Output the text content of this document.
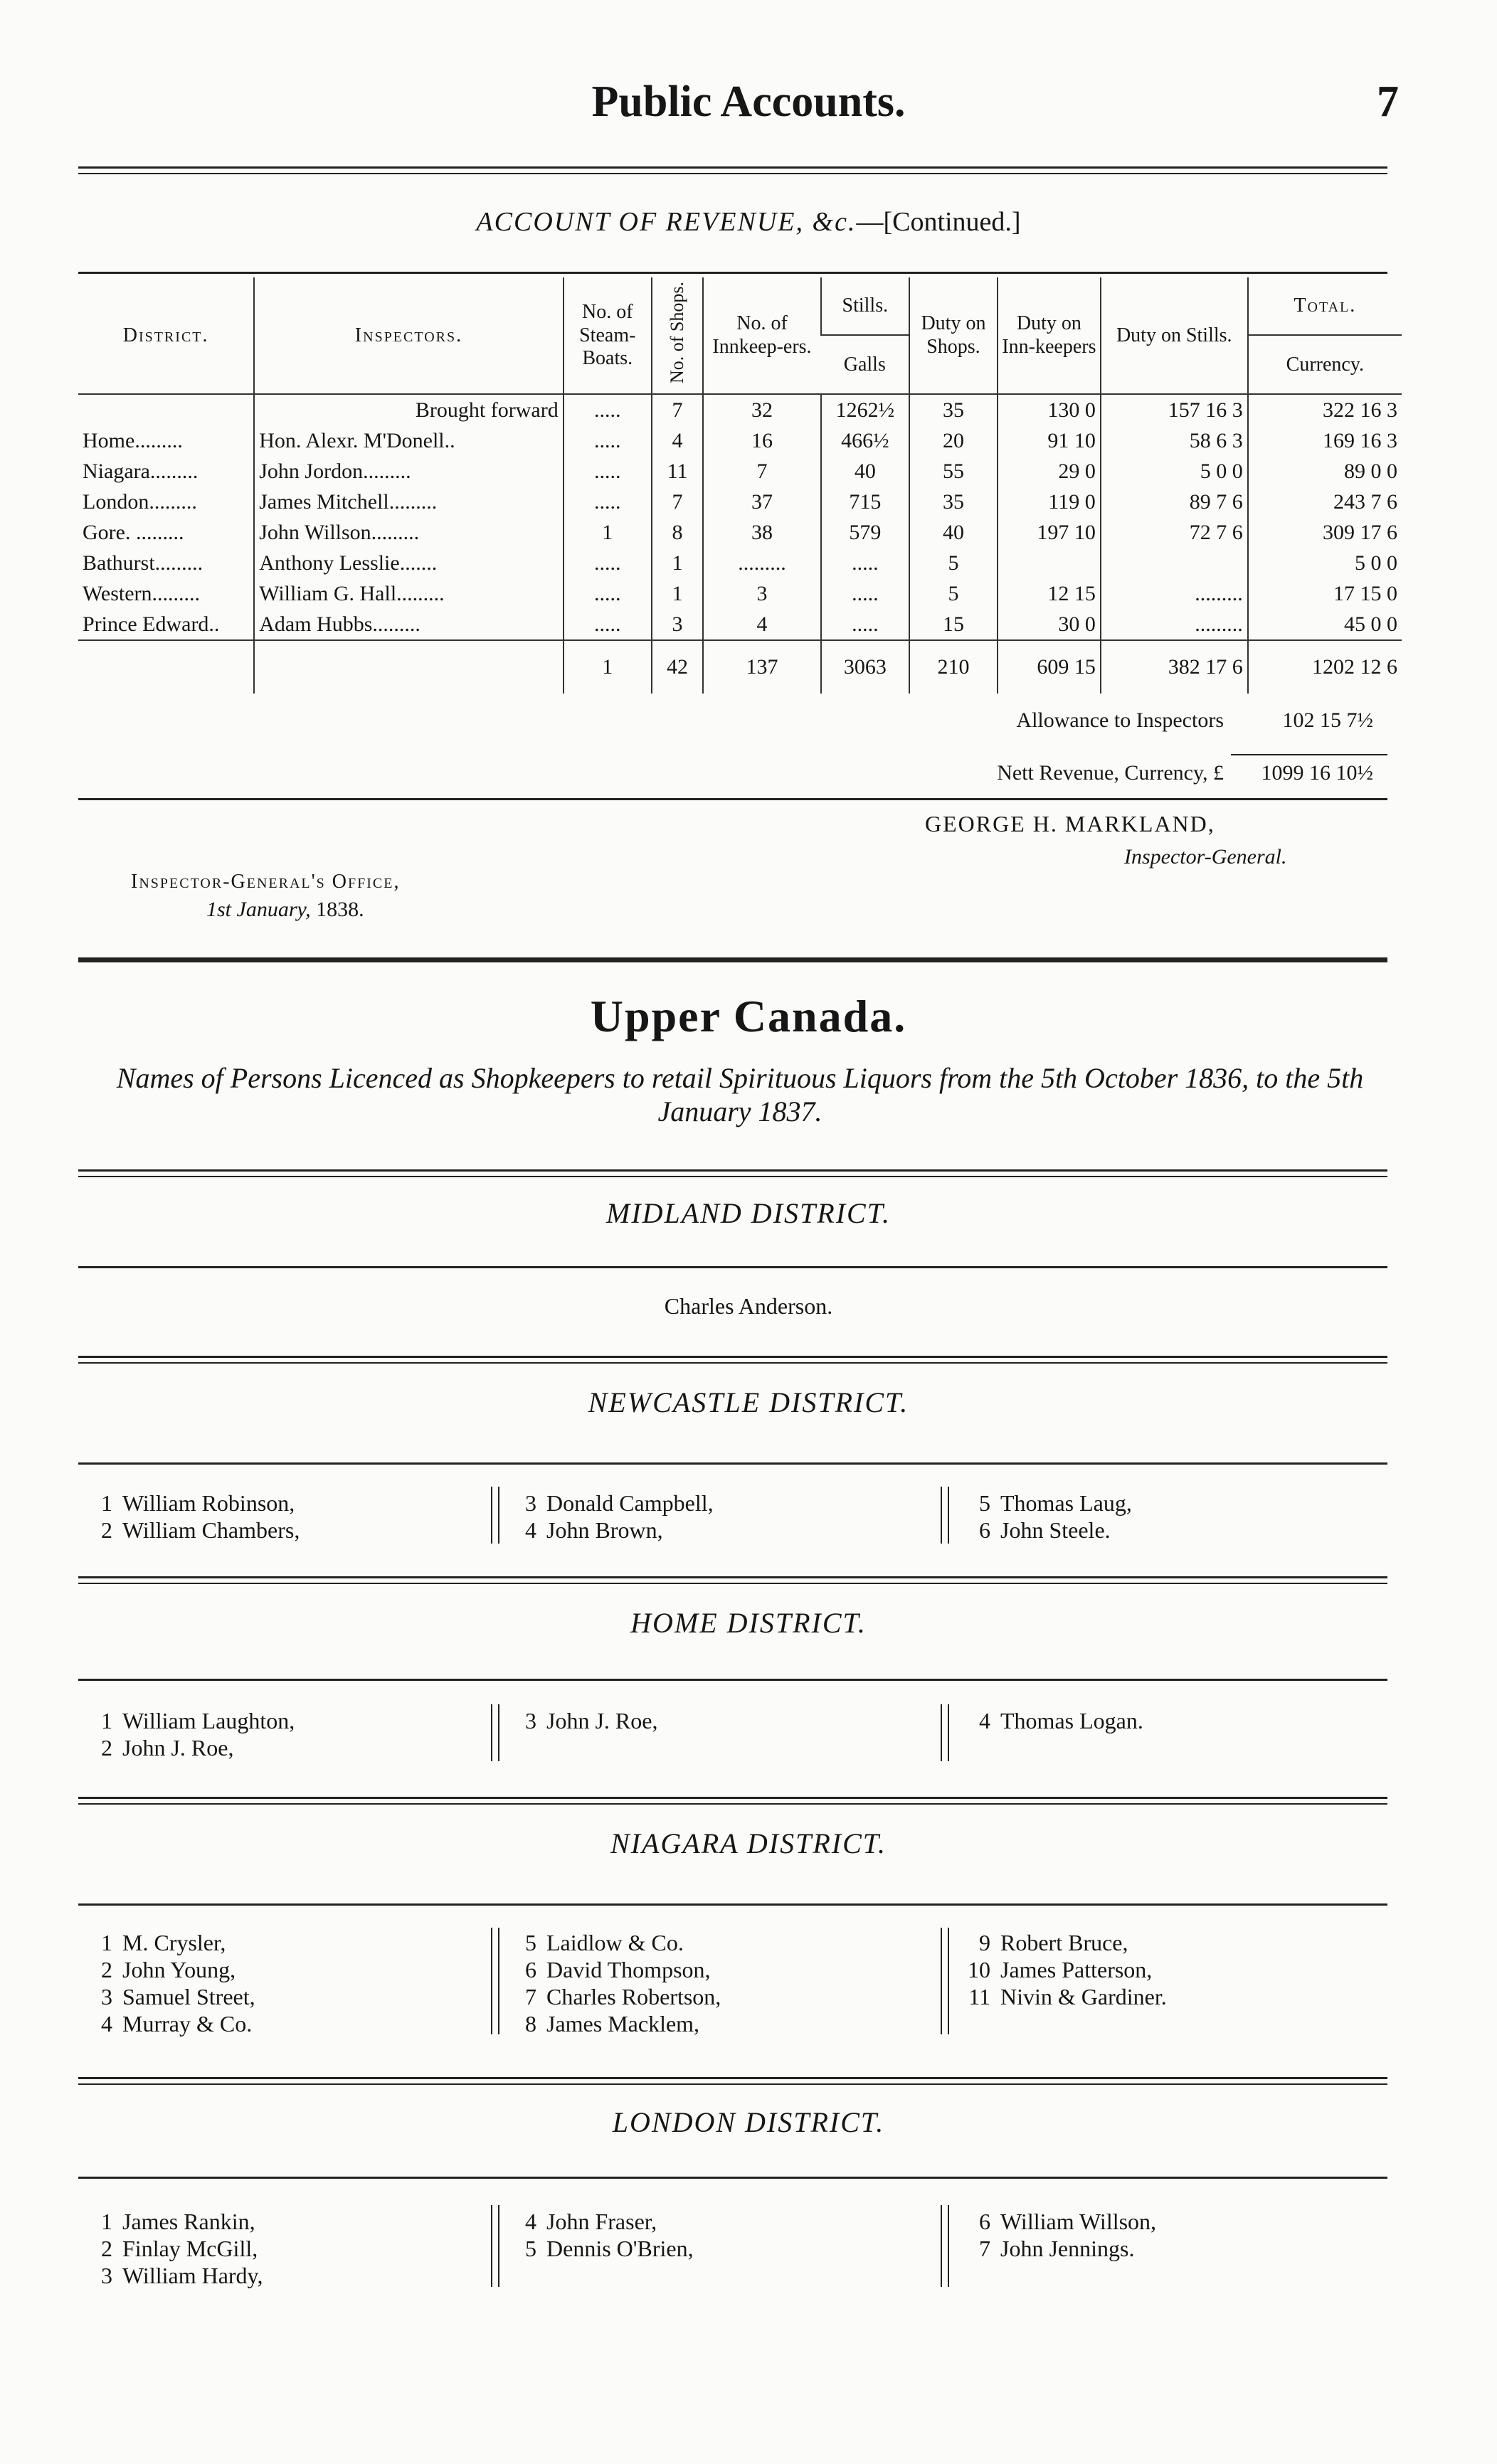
Public Accounts.	7
ACCOUNT OF REVENUE, &c.—[Continued.]
District.	Inspectors.	No. of Steam-Boats.	No. of Shops.	No. of Innkeep-ers.	Stills.	Duty on Shops.	Duty on Inn-keepers	Duty on Stills.	Total.
					Galls				Currency.
	Brought forward	.....	7	32	1262½	35	130 0	157 16 3	322 16 3
Home.........	Hon. Alexr. M'Donell..	.....	4	16	466½	20	91 10	58 6 3	169 16 3
Niagara.........	John Jordon.........	.....	11	7	40	55	29 0	5 0 0	89 0 0
London.........	James Mitchell.........	.....	7	37	715	35	119 0	89 7 6	243 7 6
Gore. .........	John Willson.........	1	8	38	579	40	197 10	72 7 6	309 17 6
Bathurst.........	Anthony Lesslie.......	.....	1	.........	.....	5			5 0 0
Western.........	William G. Hall.........	.....	1	3	.....	5	12 15	.........	17 15 0
Prince Edward..	Adam Hubbs.........	.....	3	4	.....	15	30 0	.........	45 0 0
		1	42	137	3063	210	609 15	382 17 6	1202 12 6
Allowance to Inspectors	102 15 7½
Nett Revenue, Currency, £ 1099 16 10½
GEORGE H. MARKLAND,
Inspector-General.
Inspector-General's Office,
1st January, 1838.
Upper Canada.
Names of Persons Licenced as Shopkeepers to retail Spirituous Liquors from the 5th October 1836, to the 5th January 1837.
MIDLAND DISTRICT.
Charles Anderson.
NEWCASTLE DISTRICT.
1 William Robinson,
2 William Chambers,
3 Donald Campbell,
4 John Brown,
5 Thomas Laug,
6 John Steele.
HOME DISTRICT.
1 William Laughton,
2 John J. Roe,
3 John J. Roe,	4 Thomas Logan.
NIAGARA DISTRICT.
1 M. Crysler,
2 John Young,
3 Samuel Street,
4 Murray & Co.
5 Laidlow & Co.
6 David Thompson,
7 Charles Robertson,
8 James Macklem,
9 Robert Bruce,
10 James Patterson,
11 Nivin & Gardiner.
LONDON DISTRICT.
1 James Rankin,
2 Finlay McGill,
3 William Hardy,
4 John Fraser,
5 Dennis O'Brien,
6 William Willson,
7 John Jennings.
